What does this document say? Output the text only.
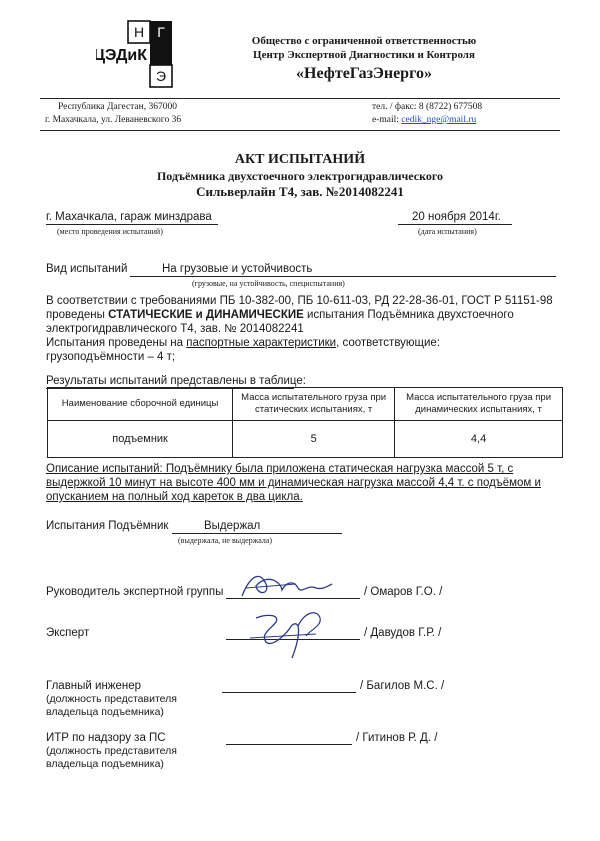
Н Г
Э
ЦЭДиК
Общество с ограниченной ответственностью
Центр Экспертной Диагностики и Контроля
«НефтеГазЭнерго»
Республика Дагестан, 367000
г. Махачкала, ул. Леваневского 36
тел. / факс: 8 (8722) 677508
e-mail: cedik_nge@mail.ru
АКТ ИСПЫТАНИЙ
Подъёмника двухстоечного электрогидравлического
Сильверлайн Т4, зав. №2014082241
г. Махачкала, гараж минздрава
(место проведения испытаний)
20 ноября 2014г.
(дата испытания)
Вид испытаний	На грузовые и устойчивость
(грузовые, на устойчивость, специспытания)
В соответствии с требованиями ПБ 10-382-00, ПБ 10-611-03, РД 22-28-36-01, ГОСТ Р 51151-98
проведены СТАТИЧЕСКИЕ и ДИНАМИЧЕСКИЕ испытания Подъёмника двухстоечного
электрогидравлического Т4, зав. № 2014082241
Испытания проведены на паспортные характеристики, соответствующие:
грузоподъёмности – 4 т;
Результаты испытаний представлены в таблице:
Наименование сборочной единицы	Масса испытательного груза при статических испытаниях, т	Масса испытательного груза при динамических испытаниях, т
подъемник	5	4,4
Описание испытаний: Подъёмнику была приложена статическая нагрузка массой 5 т, с
выдержкой 10 минут на высоте 400 мм и динамическая нагрузка массой 4,4 т. с подъёмом и
опусканием на полный ход кареток в два цикла.
Испытания Подъёмник	Выдержал
(выдержала, не выдержала)
Руководитель экспертной группы	/ Омаров Г.О. /
Эксперт	/ Давудов Г.Р. /
Главный инженер
(должность представителя
владельца подъемника)
/ Багилов М.С. /
ИТР по надзору за ПС
(должность представителя
владельца подъемника)
/ Гитинов Р. Д. /
